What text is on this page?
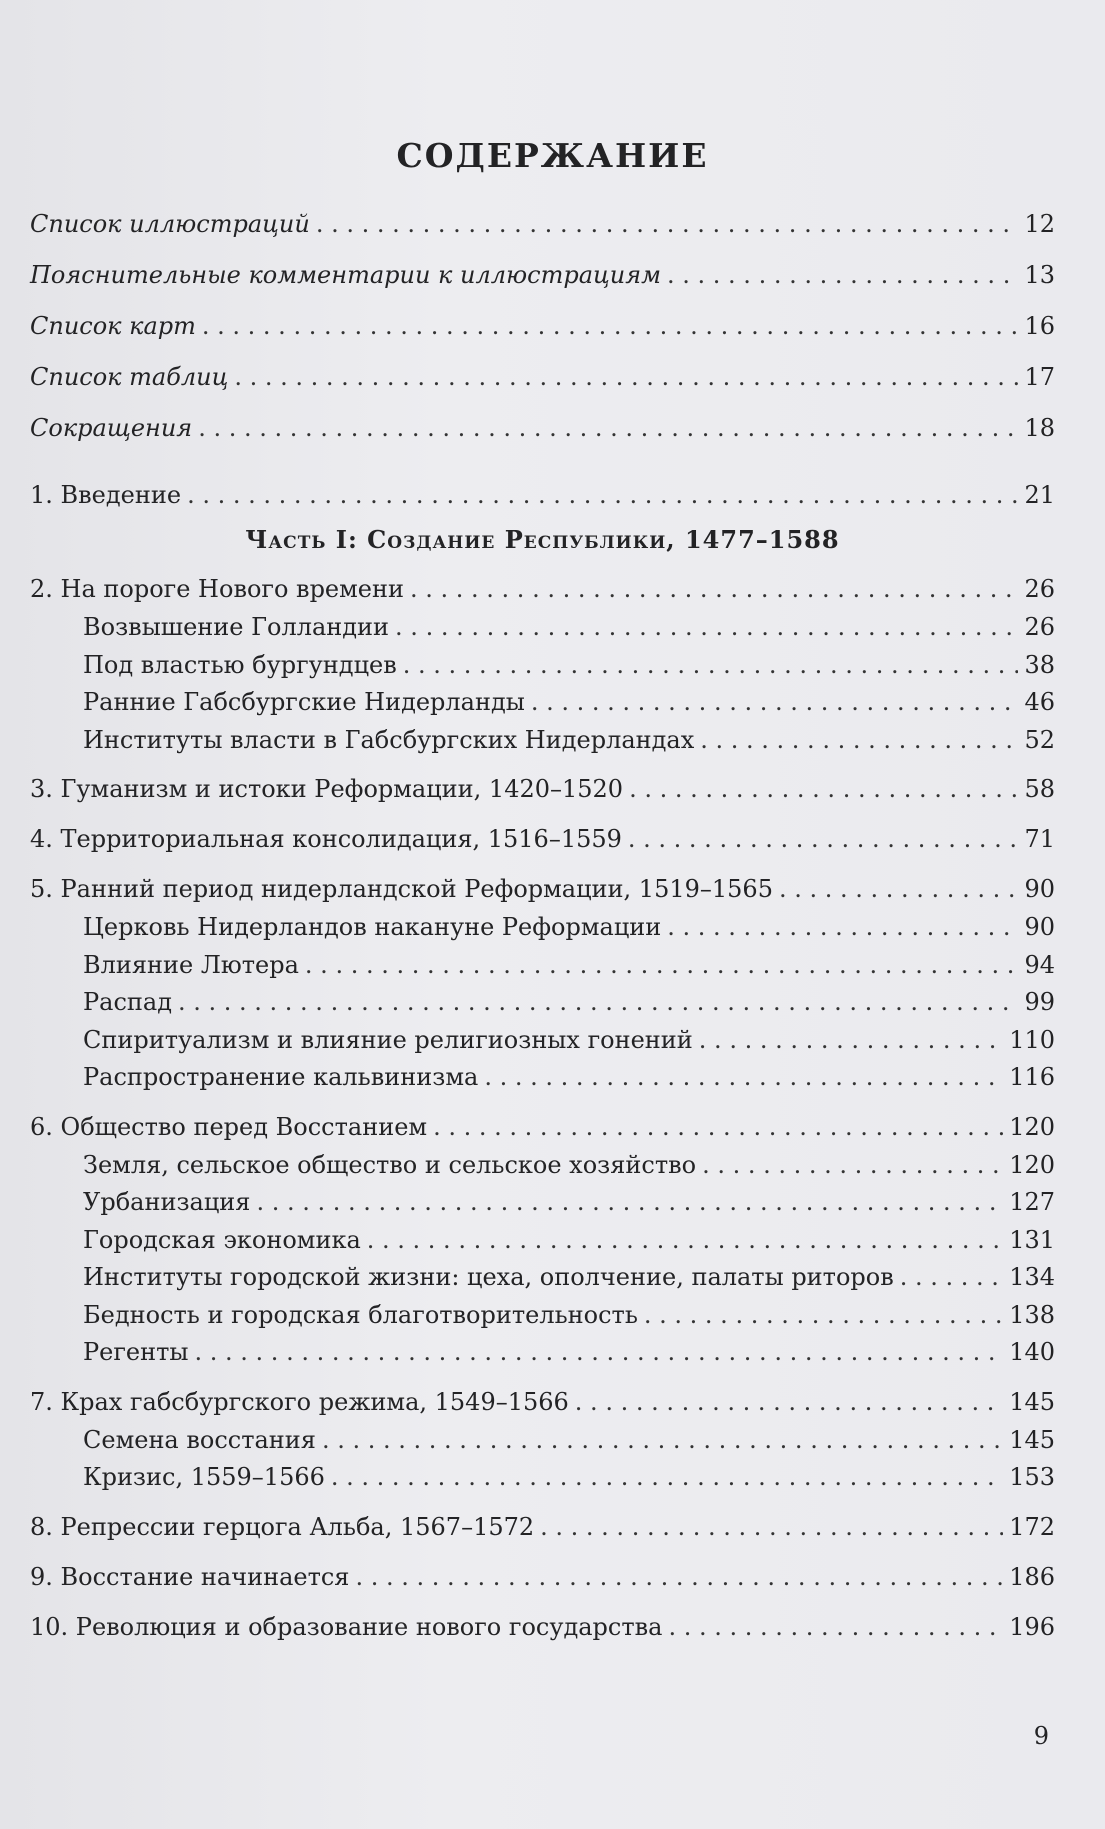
СОДЕРЖАНИЕ
Список иллюстраций . . .	12
Пояснительные комментарии к иллюстрациям . . .	13
Список карт . . .	16
Список таблиц . . .	17
Сокращения . . .	18
1. Введение . . .	21
Часть I: Создание Республики, 1477–1588
2. На пороге Нового времени . . .	26
Возвышение Голландии . . .	26
Под властью бургундцев . . .	38
Ранние Габсбургские Нидерланды . . .	46
Институты власти в Габсбургских Нидерландах . . .	52
3. Гуманизм и истоки Реформации, 1420–1520 . . .	58
4. Территориальная консолидация, 1516–1559 . . .	71
5. Ранний период нидерландской Реформации, 1519–1565 . . .	90
Церковь Нидерландов накануне Реформации . . .	90
Влияние Лютера . . .	94
Распад . . .	99
Спиритуализм и влияние религиозных гонений . . .	110
Распространение кальвинизма . . .	116
6. Общество перед Восстанием . . .	120
Земля, сельское общество и сельское хозяйство . . .	120
Урбанизация . . .	127
Городская экономика . . .	131
Институты городской жизни: цеха, ополчение, палаты риторов . . .	134
Бедность и городская благотворительность . . .	138
Регенты . . .	140
7. Крах габсбургского режима, 1549–1566 . . .	145
Семена восстания . . .	145
Кризис, 1559–1566 . . .	153
8. Репрессии герцога Альба, 1567–1572 . . .	172
9. Восстание начинается . . .	186
10. Революция и образование нового государства . . .	196
9
